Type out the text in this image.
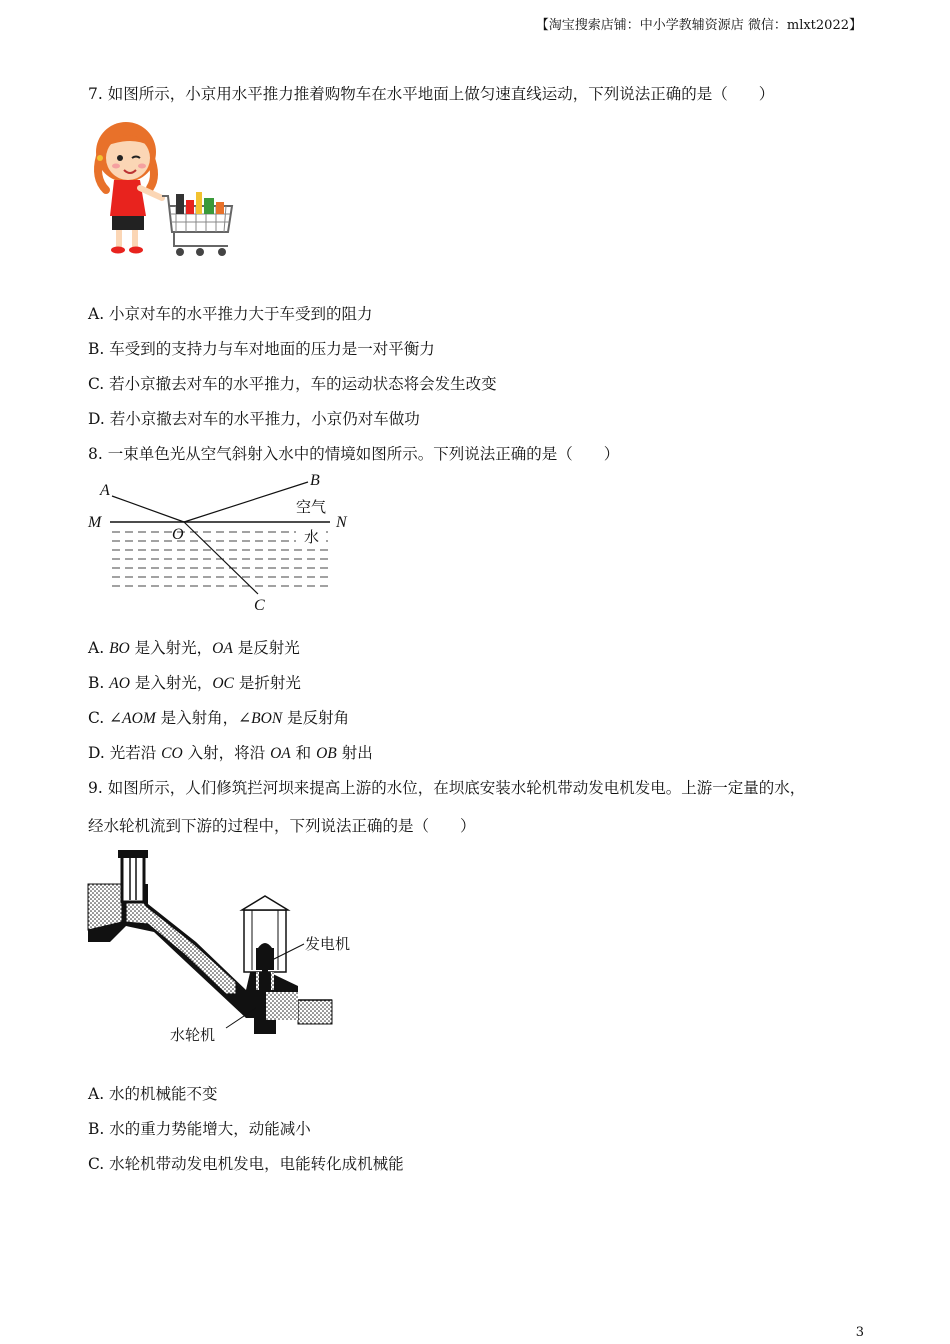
【淘宝搜索店铺：中小学教辅资源店 微信：mlxt2022】
7. 如图所示，小京用水平推力推着购物车在水平地面上做匀速直线运动，下列说法正确的是（　　）
A. 小京对车的水平推力大于车受到的阻力
B. 车受到的支持力与车对地面的压力是一对平衡力
C. 若小京撤去对车的水平推力，车的运动状态将会发生改变
D. 若小京撤去对车的水平推力，小京仍对车做功
8. 一束单色光从空气斜射入水中的情境如图所示。下列说法正确的是（　　）
A
B
C
M	N
O
空气
水
A. BO 是入射光，OA 是反射光
B. AO 是入射光，OC 是折射光
C. ∠AOM 是入射角，∠BON 是反射角
D. 光若沿 CO 入射，将沿 OA 和 OB 射出
9. 如图所示，人们修筑拦河坝来提高上游的水位，在坝底安装水轮机带动发电机发电。上游一定量的水，
经水轮机流到下游的过程中，下列说法正确的是（　　）
发电机
水轮机
A. 水的机械能不变
B. 水的重力势能增大，动能减小
C. 水轮机带动发电机发电，电能转化成机械能
3
